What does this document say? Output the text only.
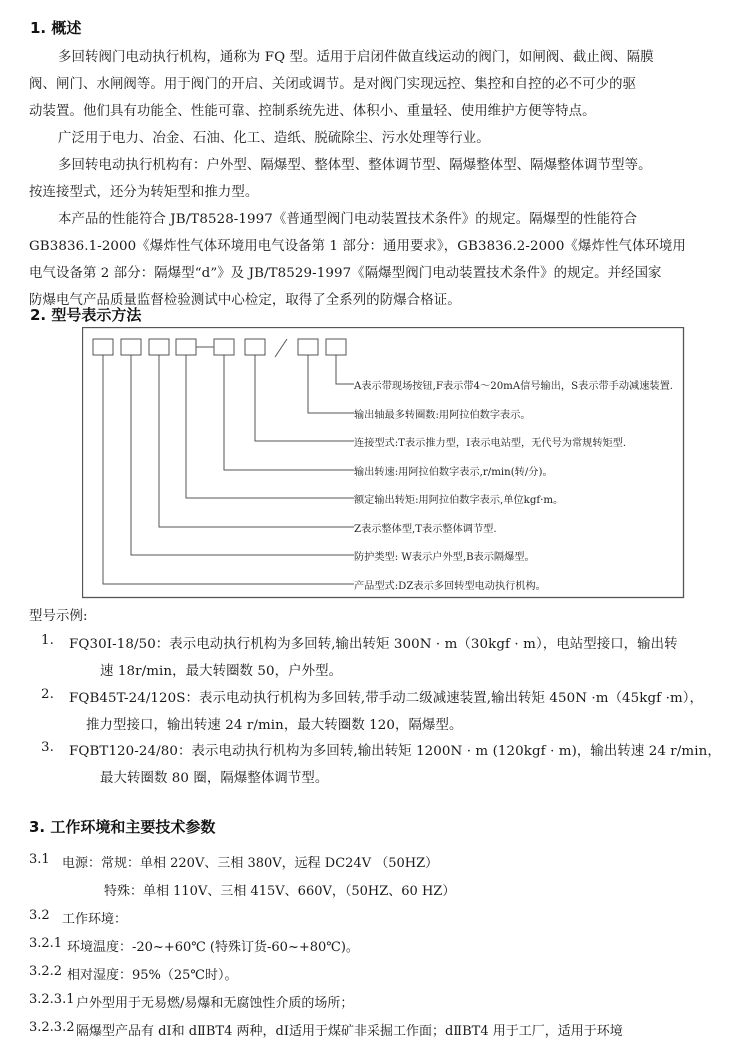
1. 概述
多回转阀门电动执行机构，通称为 FQ 型。适用于启闭件做直线运动的阀门，如闸阀、截止阀、隔膜
阀、闸门、水闸阀等。用于阀门的开启、关闭或调节。是对阀门实现远控、集控和自控的必不可少的驱
动装置。他们具有功能全、性能可靠、控制系统先进、体积小、重量轻、使用维护方便等特点。
广泛用于电力、冶金、石油、化工、造纸、脱硫除尘、污水处理等行业。
多回转电动执行机构有：户外型、隔爆型、整体型、整体调节型、隔爆整体型、隔爆整体调节型等。
按连接型式，还分为转矩型和推力型。
本产品的性能符合 JB/T8528-1997《普通型阀门电动装置技术条件》的规定。隔爆型的性能符合
GB3836.1-2000《爆炸性气体环境用电气设备第 1 部分：通用要求》，GB3836.2-2000《爆炸性气体环境用
电气设备第 2 部分：隔爆型“d”》及 JB/T8529-1997《隔爆型阀门电动装置技术条件》的规定。并经国家
防爆电气产品质量监督检验测试中心检定，取得了全系列的防爆合格证。
2. 型号表示方法
A表示带现场按钮,F表示带4～20mA信号输出，S表示带手动减速装置.
输出轴最多转圈数:用阿拉伯数字表示。
连接型式:T表示推力型，I表示电站型，无代号为常规转矩型.
输出转速:用阿拉伯数字表示,r/min(转/分)。
额定输出转矩:用阿拉伯数字表示,单位kgf·m。
Z表示整体型,T表示整体调节型.
防护类型: W表示户外型,B表示隔爆型。
产品型式:DZ表示多回转型电动执行机构。
型号示例:
1. FQ30I-18/50：表示电动执行机构为多回转,输出转矩 300N · m（30kgf · m），电站型接口，输出转
速 18r/min，最大转圈数 50，户外型。
2. FQB45T-24/120S：表示电动执行机构为多回转,带手动二级减速装置,输出转矩 450N ·m（45kgf ·m），
推力型接口，输出转速 24 r/min，最大转圈数 120，隔爆型。
3. FQBT120-24/80：表示电动执行机构为多回转,输出转矩 1200N · m (120kgf · m)，输出转速 24 r/min，
最大转圈数 80 圈，隔爆整体调节型。
3. 工作环境和主要技术参数
3.1 电源：常规：单相 220V、三相 380V，远程 DC24V （50HZ）
特殊：单相 110V、三相 415V、660V，（50HZ、60 HZ）
3.2 工作环境：
3.2.1 环境温度：-20~+60℃ (特殊订货-60~+80℃)。
3.2.2 相对湿度：95%（25℃时）。
3.2.3.1 户外型用于无易燃/易爆和无腐蚀性介质的场所；
3.2.3.2 隔爆型产品有 dⅠ和 dⅡBT4 两种，dⅠ适用于煤矿非采掘工作面；dⅡBT4 用于工厂，适用于环境
